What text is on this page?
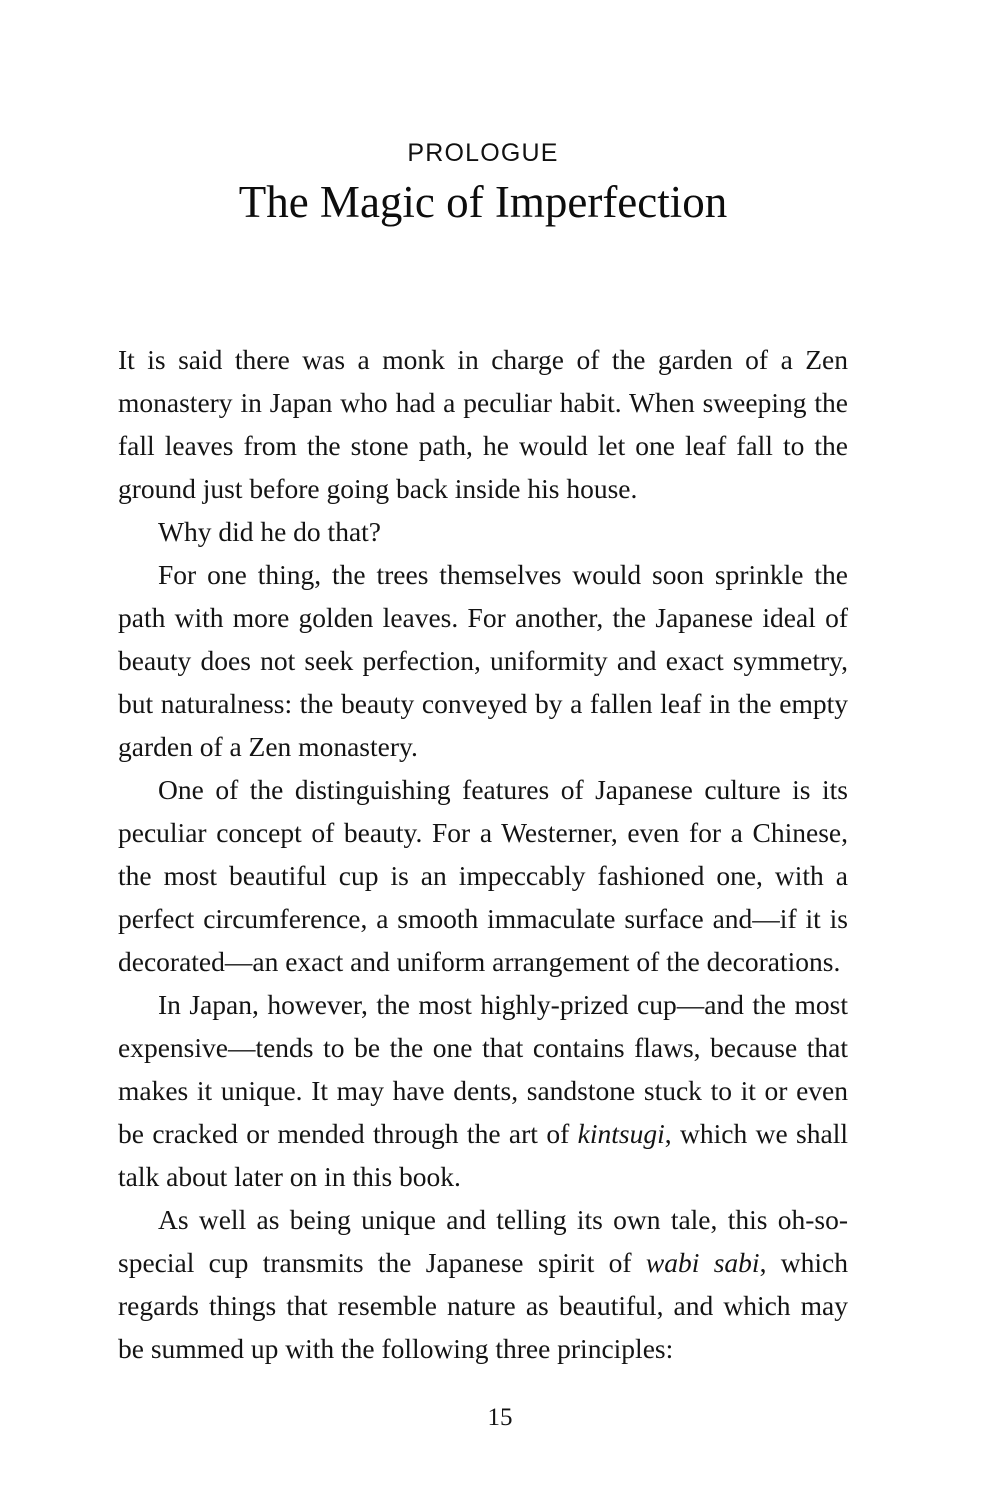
PROLOGUE
The Magic of Imperfection

It is said there was a monk in charge of the garden of a Zen monastery in Japan who had a peculiar habit. When sweeping the fall leaves from the stone path, he would let one leaf fall to the ground just before going back inside his house.

Why did he do that?

For one thing, the trees themselves would soon sprinkle the path with more golden leaves. For another, the Japanese ideal of beauty does not seek perfection, uniformity and exact symmetry, but naturalness: the beauty conveyed by a fallen leaf in the empty garden of a Zen monastery.

One of the distinguishing features of Japanese culture is its peculiar concept of beauty. For a Westerner, even for a Chinese, the most beautiful cup is an impeccably fashioned one, with a perfect circumference, a smooth immaculate surface and—if it is decorated—an exact and uniform arrangement of the decorations.

In Japan, however, the most highly-prized cup—and the most expensive—tends to be the one that contains flaws, because that makes it unique. It may have dents, sandstone stuck to it or even be cracked or mended through the art of kintsugi, which we shall talk about later on in this book.

As well as being unique and telling its own tale, this oh-so-special cup transmits the Japanese spirit of wabi sabi, which regards things that resemble nature as beautiful, and which may be summed up with the following three principles:

15
